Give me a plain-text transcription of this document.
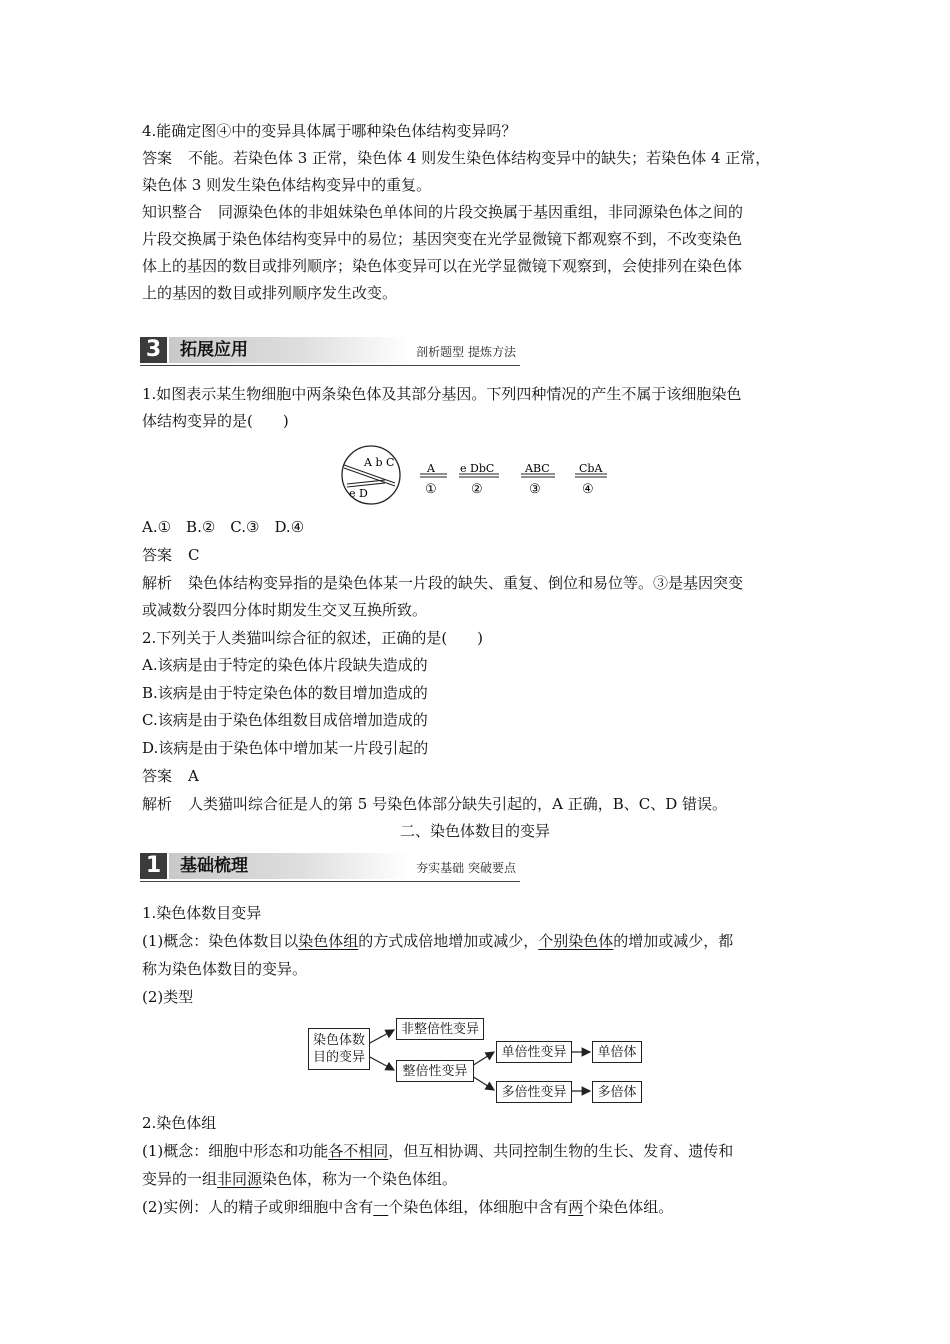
4.能确定图④中的变异具体属于哪种染色体结构变异吗？
答案 不能。若染色体 3 正常，染色体 4 则发生染色体结构变异中的缺失；若染色体 4 正常，
染色体 3 则发生染色体结构变异中的重复。
知识整合 同源染色体的非姐妹染色单体间的片段交换属于基因重组，非同源染色体之间的
片段交换属于染色体结构变异中的易位；基因突变在光学显微镜下都观察不到，不改变染色
体上的基因的数目或排列顺序；染色体变异可以在光学显微镜下观察到，会使排列在染色体
上的基因的数目或排列顺序发生改变。
3	拓展应用	剖析题型 提炼方法
1.如图表示某生物细胞中两条染色体及其部分基因。下列四种情况的产生不属于该细胞染色
体结构变异的是(　　)
A b C
e D
A
①
e DbC
②
ABC
③
CbA
④
A.①　B.②　C.③　D.④
答案 C
解析 染色体结构变异指的是染色体某一片段的缺失、重复、倒位和易位等。③是基因突变
或减数分裂四分体时期发生交叉互换所致。
2.下列关于人类猫叫综合征的叙述，正确的是(　　)
A.该病是由于特定的染色体片段缺失造成的
B.该病是由于特定染色体的数目增加造成的
C.该病是由于染色体组数目成倍增加造成的
D.该病是由于染色体中增加某一片段引起的
答案 A
解析 人类猫叫综合征是人的第 5 号染色体部分缺失引起的，A 正确，B、C、D 错误。
二、染色体数目的变异
1	基础梳理	夯实基础 突破要点
1.染色体数目变异
(1)概念：染色体数目以染色体组的方式成倍地增加或减少，个别染色体的增加或减少，都
称为染色体数目的变异。
(2)类型
染色体数
目的变异
非整倍性变异
整倍性变异
单倍性变异
多倍性变异
单倍体
多倍体
2.染色体组
(1)概念：细胞中形态和功能各不相同，但互相协调、共同控制生物的生长、发育、遗传和
变异的一组非同源染色体，称为一个染色体组。
(2)实例：人的精子或卵细胞中含有一个染色体组，体细胞中含有两个染色体组。
